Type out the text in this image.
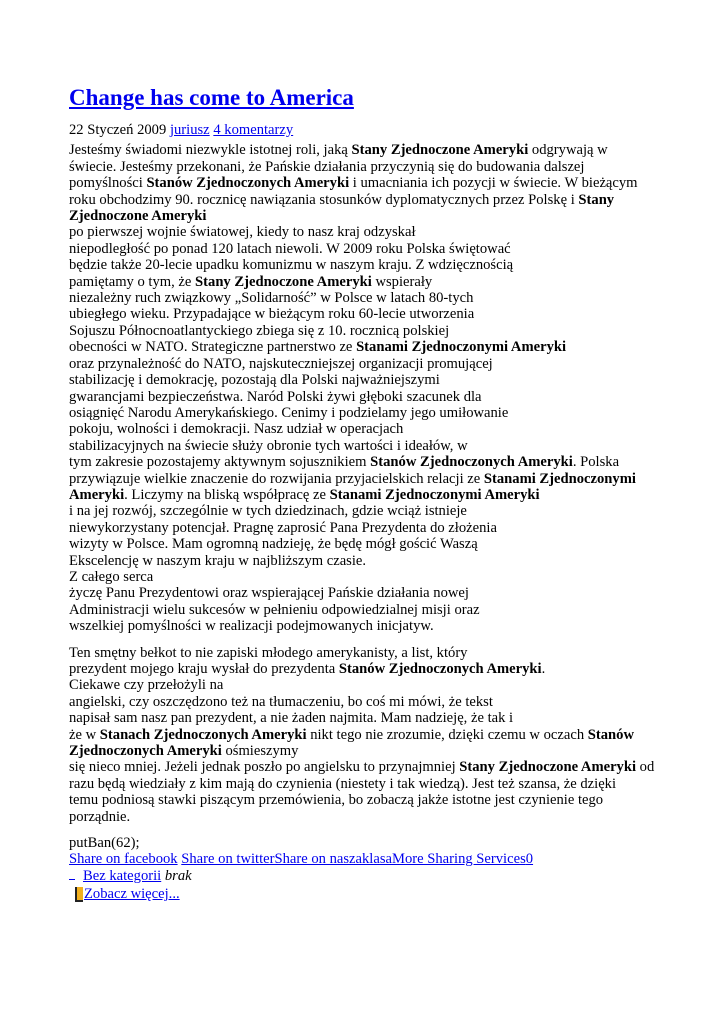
Change has come to America
22 Styczeń 2009 juriusz 4 komentarzy
Jesteśmy świadomi niezwykle istotnej roli, jaką Stany Zjednoczone Ameryki odgrywają w
świecie. Jesteśmy przekonani, że Pańskie działania przyczynią się do budowania dalszej
pomyślności Stanów Zjednoczonych Ameryki i umacniania ich pozycji w świecie. W bieżącym
roku obchodzimy 90. rocznicę nawiązania stosunków dyplomatycznych przez Polskę i Stany
Zjednoczone Ameryki
po pierwszej wojnie światowej, kiedy to nasz kraj odzyskał
niepodległość po ponad 120 latach niewoli. W 2009 roku Polska świętować
będzie także 20-lecie upadku komunizmu w naszym kraju. Z wdzięcznością
pamiętamy o tym, że Stany Zjednoczone Ameryki wspierały
niezależny ruch związkowy „Solidarność” w Polsce w latach 80-tych
ubiegłego wieku. Przypadające w bieżącym roku 60-lecie utworzenia
Sojuszu Północnoatlantyckiego zbiega się z 10. rocznicą polskiej
obecności w NATO. Strategiczne partnerstwo ze Stanami Zjednoczonymi Ameryki
oraz przynależność do NATO, najskuteczniejszej organizacji promującej
stabilizację i demokrację, pozostają dla Polski najważniejszymi
gwarancjami bezpieczeństwa. Naród Polski żywi głęboki szacunek dla
osiągnięć Narodu Amerykańskiego. Cenimy i podzielamy jego umiłowanie
pokoju, wolności i demokracji. Nasz udział w operacjach
stabilizacyjnych na świecie służy obronie tych wartości i ideałów, w
tym zakresie pozostajemy aktywnym sojusznikiem Stanów Zjednoczonych Ameryki. Polska
przywiązuje wielkie znaczenie do rozwijania przyjacielskich relacji ze Stanami Zjednoczonymi
Ameryki. Liczymy na bliską współpracę ze Stanami Zjednoczonymi Ameryki
i na jej rozwój, szczególnie w tych dziedzinach, gdzie wciąż istnieje
niewykorzystany potencjał. Pragnę zaprosić Pana Prezydenta do złożenia
wizyty w Polsce. Mam ogromną nadzieję, że będę mógł gościć Waszą
Ekscelencję w naszym kraju w najbliższym czasie.
Z całego serca
życzę Panu Prezydentowi oraz wspierającej Pańskie działania nowej
Administracji wielu sukcesów w pełnieniu odpowiedzialnej misji oraz
wszelkiej pomyślności w realizacji podejmowanych inicjatyw.
Ten smętny bełkot to nie zapiski młodego amerykanisty, a list, który
prezydent mojego kraju wysłał do prezydenta Stanów Zjednoczonych Ameryki.
Ciekawe czy przełożyli na
angielski, czy oszczędzono też na tłumaczeniu, bo coś mi mówi, że tekst
napisał sam nasz pan prezydent, a nie żaden najmita. Mam nadzieję, że tak i
że w Stanach Zjednoczonych Ameryki nikt tego nie zrozumie, dzięki czemu w oczach Stanów
Zjednoczonych Ameryki ośmieszymy
się nieco mniej. Jeżeli jednak poszło po angielsku to przynajmniej Stany Zjednoczone Ameryki od
razu będą wiedziały z kim mają do czynienia (niestety i tak wiedzą). Jest też szansa, że dzięki
temu podniosą stawki piszącym przemówienia, bo zobaczą jakże istotne jest czynienie tego
porządnie.
putBan(62);
Share on facebook Share on twitterShare on naszaklasaMore Sharing Services0
Bez kategorii brak
Zobacz więcej...
